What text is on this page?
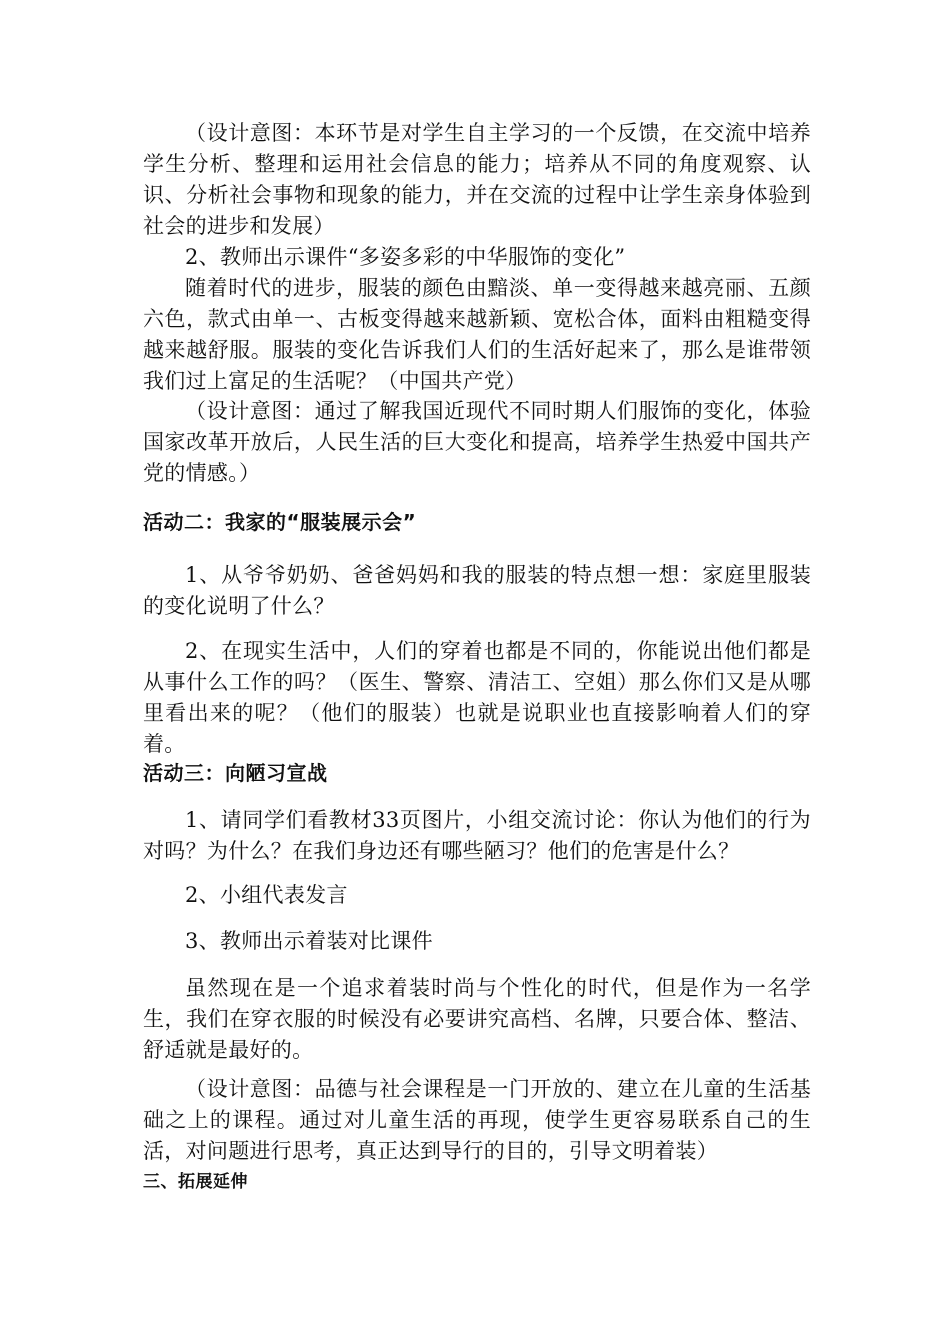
（设计意图：本环节是对学生自主学习的一个反馈，在交流中培养学生分析、整理和运用社会信息的能力；培养从不同的角度观察、认识、分析社会事物和现象的能力，并在交流的过程中让学生亲身体验到社会的进步和发展）

2、教师出示课件“多姿多彩的中华服饰的变化”

随着时代的进步，服装的颜色由黯淡、单一变得越来越亮丽、五颜六色，款式由单一、古板变得越来越新颖、宽松合体，面料由粗糙变得越来越舒服。服装的变化告诉我们人们的生活好起来了，那么是谁带领我们过上富足的生活呢？（中国共产党）

（设计意图：通过了解我国近现代不同时期人们服饰的变化，体验国家改革开放后，人民生活的巨大变化和提高，培养学生热爱中国共产党的情感。）

活动二：我家的“服装展示会”

1、从爷爷奶奶、爸爸妈妈和我的服装的特点想一想：家庭里服装的变化说明了什么？

2、在现实生活中，人们的穿着也都是不同的，你能说出他们都是从事什么工作的吗？（医生、警察、清洁工、空姐）那么你们又是从哪里看出来的呢？（他们的服装）也就是说职业也直接影响着人们的穿着。

活动三：向陋习宣战

1、请同学们看教材33页图片，小组交流讨论：你认为他们的行为对吗？为什么？在我们身边还有哪些陋习？他们的危害是什么？

2、小组代表发言

3、教师出示着装对比课件

虽然现在是一个追求着装时尚与个性化的时代，但是作为一名学生，我们在穿衣服的时候没有必要讲究高档、名牌，只要合体、整洁、舒适就是最好的。

（设计意图：品德与社会课程是一门开放的、建立在儿童的生活基础之上的课程。通过对儿童生活的再现，使学生更容易联系自己的生活，对问题进行思考，真正达到导行的目的，引导文明着装）

三、拓展延伸
